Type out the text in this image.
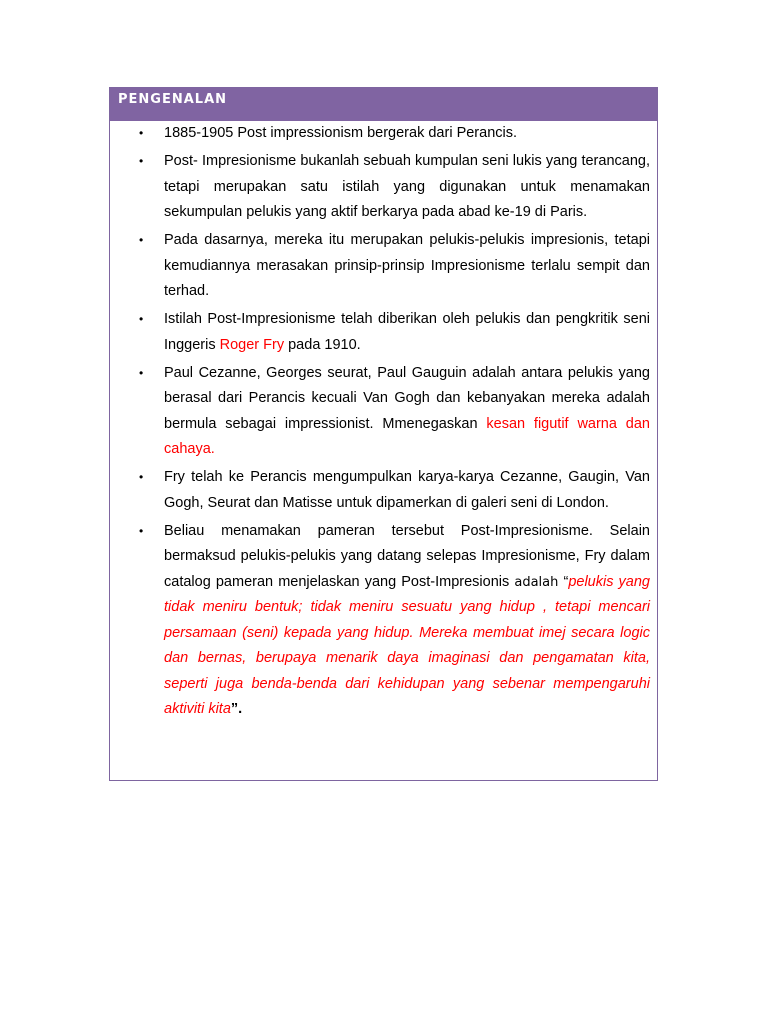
PENGENALAN
• 1885-1905 Post impressionism bergerak dari Perancis.
• Post- Impresionisme bukanlah sebuah kumpulan seni lukis yang terancang, tetapi merupakan satu istilah yang digunakan untuk menamakan sekumpulan pelukis yang aktif berkarya pada abad ke-19 di Paris.
• Pada dasarnya, mereka itu merupakan pelukis-pelukis impresionis, tetapi kemudiannya merasakan prinsip-prinsip Impresionisme terlalu sempit dan terhad.
• Istilah Post-Impresionisme telah diberikan oleh pelukis dan pengkritik seni Inggeris Roger Fry pada 1910.
• Paul Cezanne, Georges seurat, Paul Gauguin adalah antara pelukis yang berasal dari Perancis kecuali Van Gogh dan kebanyakan mereka adalah bermula sebagai impressionist. Mmenegaskan kesan figutif warna dan cahaya.
• Fry telah ke Perancis mengumpulkan karya-karya Cezanne, Gaugin, Van Gogh, Seurat dan Matisse untuk dipamerkan di galeri seni di London.
• Beliau menamakan pameran tersebut Post-Impresionisme. Selain bermaksud pelukis-pelukis yang datang selepas Impresionisme, Fry dalam catalog pameran menjelaskan yang Post-Impresionis adalah “pelukis yang tidak meniru bentuk; tidak meniru sesuatu yang hidup , tetapi mencari persamaan (seni) kepada yang hidup. Mereka membuat imej secara logic dan bernas, berupaya menarik daya imaginasi dan pengamatan kita, seperti juga benda-benda dari kehidupan yang sebenar mempengaruhi aktiviti kita”.
